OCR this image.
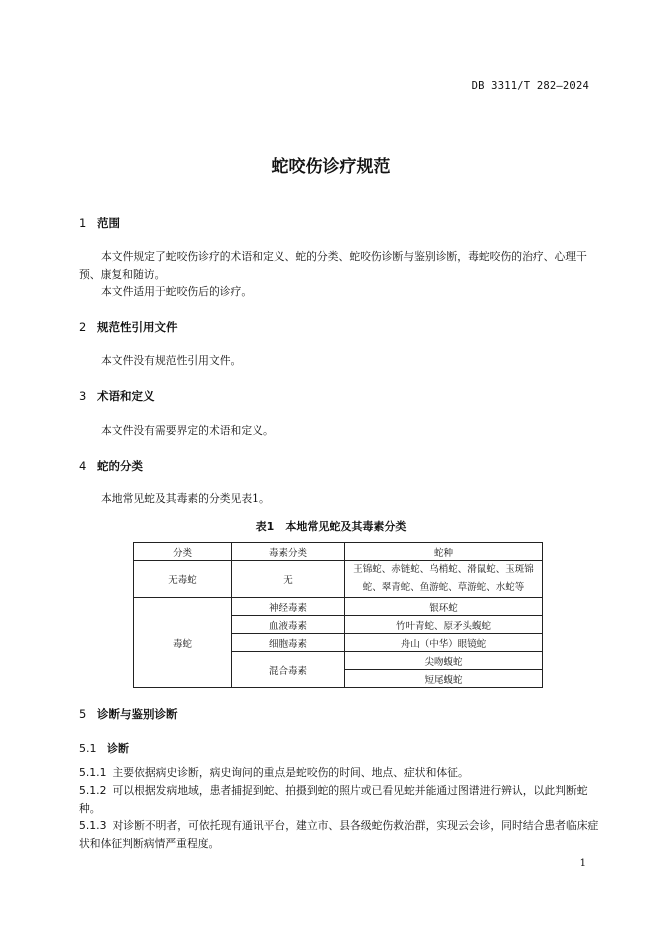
DB 3311/T 282—2024
蛇咬伤诊疗规范
1 范围
本文件规定了蛇咬伤诊疗的术语和定义、蛇的分类、蛇咬伤诊断与鉴别诊断，毒蛇咬伤的治疗、心理干预、康复和随访。
本文件适用于蛇咬伤后的诊疗。
2 规范性引用文件
本文件没有规范性引用文件。
3 术语和定义
本文件没有需要界定的术语和定义。
4 蛇的分类
本地常见蛇及其毒素的分类见表1。
表1　本地常见蛇及其毒素分类
分类	毒素分类	蛇种
无毒蛇	无	王锦蛇、赤链蛇、乌梢蛇、滑鼠蛇、玉斑锦
蛇、翠青蛇、鱼游蛇、草游蛇、水蛇等

毒蛇	神经毒素	银环蛇
	血液毒素	竹叶青蛇、原矛头蝮蛇
	细胞毒素	舟山（中华）眼镜蛇
	混合毒素	尖吻蝮蛇
		短尾蝮蛇
5 诊断与鉴别诊断
5.1 诊断
5.1.1 主要依据病史诊断，病史询问的重点是蛇咬伤的时间、地点、症状和体征。
5.1.2 可以根据发病地域，患者捕捉到蛇、拍摄到蛇的照片或已看见蛇并能通过图谱进行辨认，以此判断蛇种。
5.1.3 对诊断不明者，可依托现有通讯平台，建立市、县各级蛇伤救治群，实现云会诊，同时结合患者临床症状和体征判断病情严重程度。
1
